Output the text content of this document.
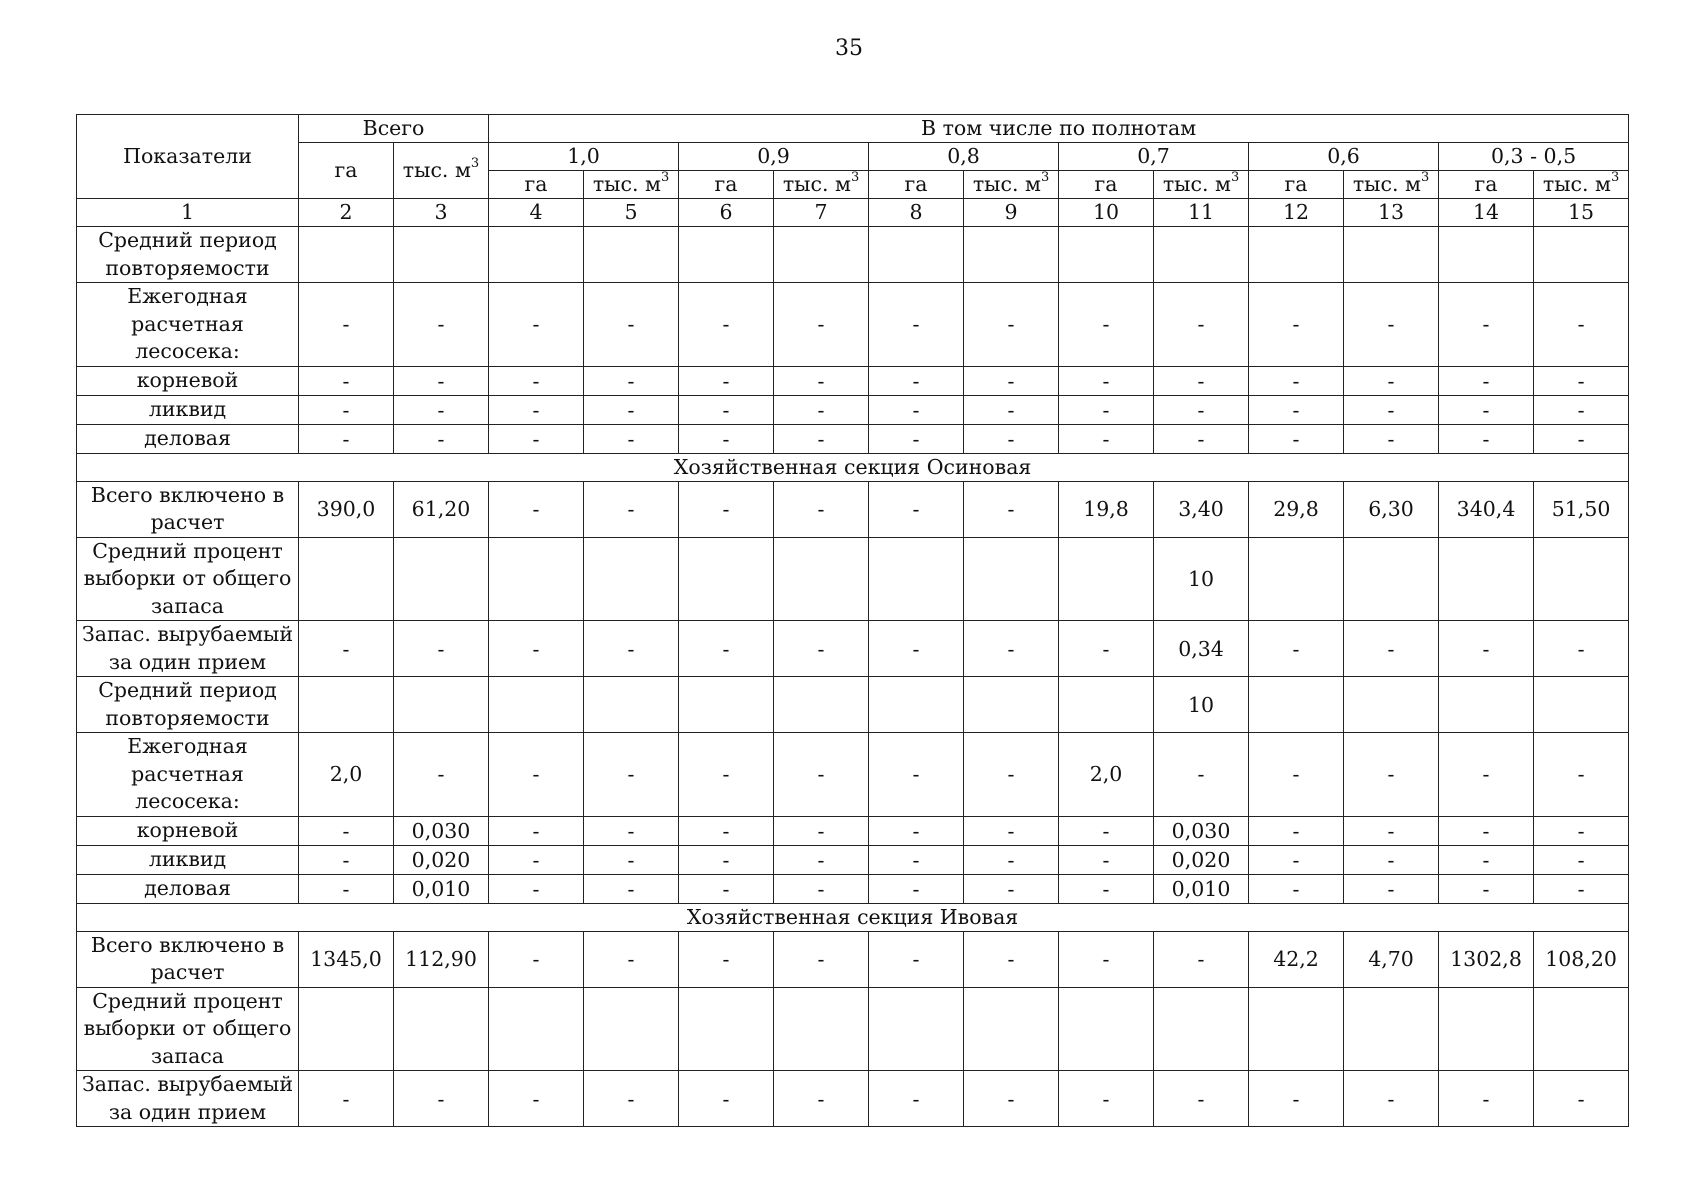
35
Показатели	Всего		В том числе по полнотам											
	га	тыс. $м^3$	1,0		0,9		0,8		0,7		0,6		0,3 - 0,5	
			га	тыс. $м^3$	га	тыс. $м^3$	га	тыс. $м^3$	га	тыс. $м^3$	га	тыс. $м^3$	га	тыс. $м^3$
1	2	3	4	5	6	7	8	9	10	11	12	13	14	15
Средний период повторяемости														
Ежегодная расчетная лесосека:	-	-	-	-	-	-	-	-	-	-	-	-	-	-
корневой	-	-	-	-	-	-	-	-	-	-	-	-	-	-
ликвид	-	-	-	-	-	-	-	-	-	-	-	-	-	-
деловая	-	-	-	-	-	-	-	-	-	-	-	-	-	-
Хозяйственная секция Осиновая														
Всего включено в расчет	390,0	61,20	-	-	-	-	-	-	19,8	3,40	29,8	6,30	340,4	51,50
Средний процент выборки от общего запаса										10				
Запас. вырубаемый за один прием	-	-	-	-	-	-	-	-	-	0,34	-	-	-	-
Средний период повторяемости										10				
Ежегодная расчетная лесосека:	2,0	-	-	-	-	-	-	-	2,0	-	-	-	-	-
корневой	-	0,030	-	-	-	-	-	-	-	0,030	-	-	-	-
ликвид	-	0,020	-	-	-	-	-	-	-	0,020	-	-	-	-
деловая	-	0,010	-	-	-	-	-	-	-	0,010	-	-	-	-
Хозяйственная секция Ивовая														
Всего включено в расчет	1345,0	112,90	-	-	-	-	-	-	-	-	42,2	4,70	1302,8	108,20
Средний процент выборки от общего запаса														
Запас. вырубаемый за один прием	-	-	-	-	-	-	-	-	-	-	-	-	-	-
